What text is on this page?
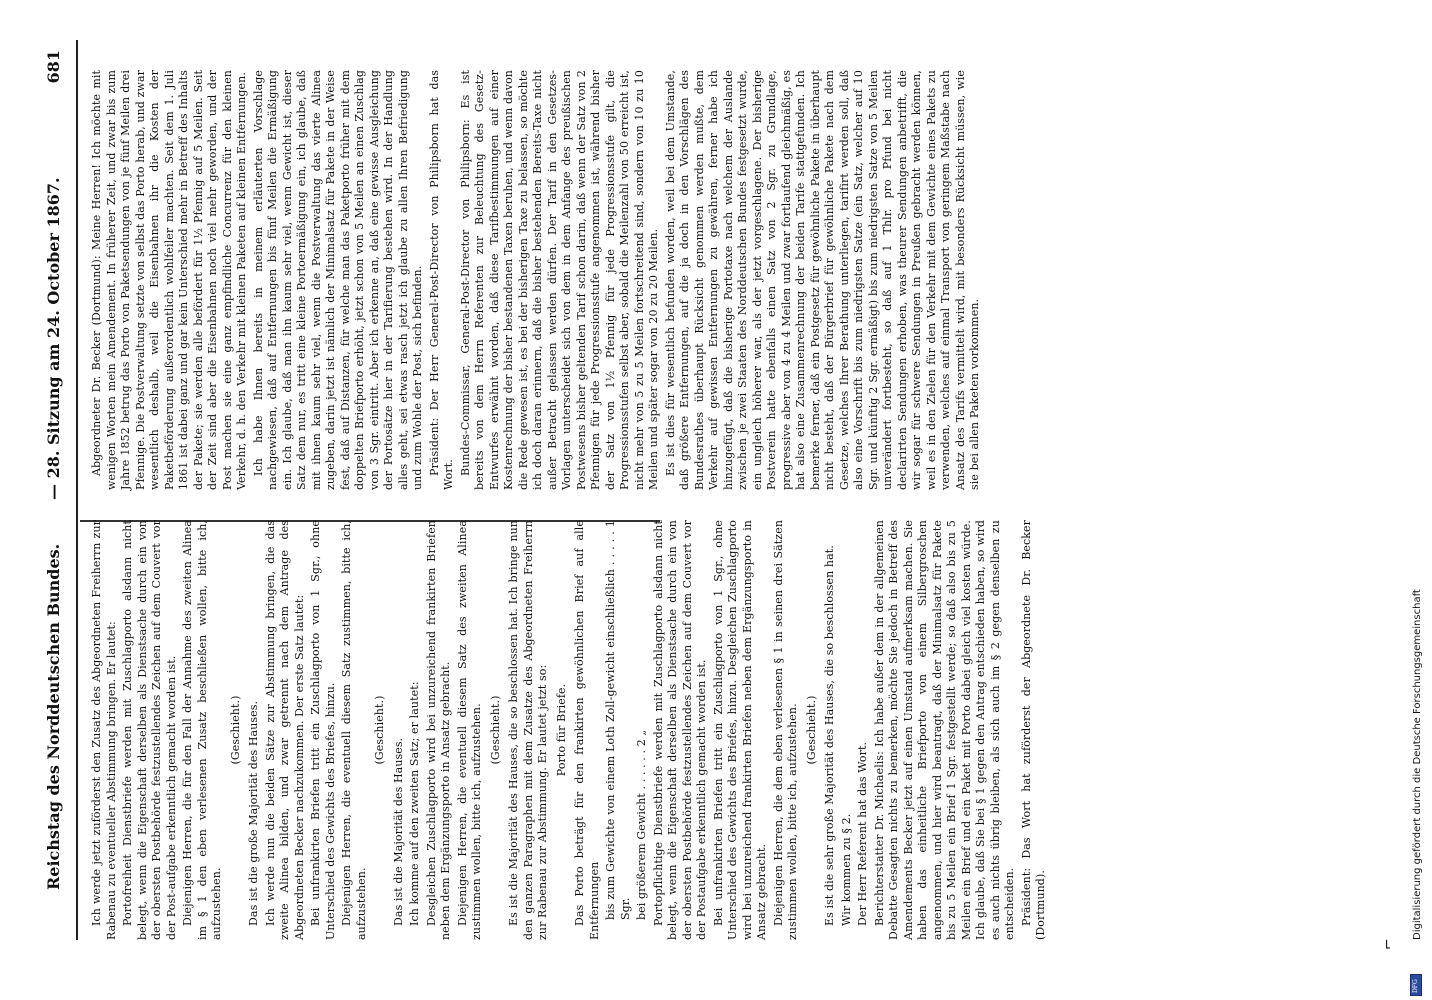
Reichstag des Norddeutschen Bundes.
— 28. Sitzung am 24. October 1867.
681

Ich werde jetzt zuförderst den Zusatz des Abgeordneten Freiherrn zur Rabenau zu eventueller Abstimmung bringen. Er lautet: Portofreiheit Dienstbriefe werden mit Zuschlagporto alsdann nicht belegt, wenn die Eigenschaft derselben als Dienstsache durch ein von der obersten Postbehörde festzustellendes Zeichen auf dem Couvert vor der Post-aufgabe erkenntlich gemacht worden ist. Diejenigen Herren, die für den Fall der Annahme des zweiten Alinea im § 1 den eben verlesenen Zusatz beschließen wollen, bitte ich, aufzustehen.

(Geschieht.) Das ist die große Majorität des Hauses. Ich werde nun die beiden Sätze zur Abstimmung bringen, die das zweite Alinea bilden, und zwar getrennt nach dem Antrage des Abgeordneten Becker nachzukommen. Der erste Satz lautet: Bei unfrankirten Briefen tritt ein Zuschlagporto von 1 Sgr., ohne Unterschied des Gewichts des Briefes, hinzu. Diejenigen Herren, die eventuell diesem Satz zustimmen, bitte ich, aufzustehen.

(Geschieht.)

Das ist die Majorität des Hauses. Ich komme auf den zweiten Satz; er lautet: Desgleichen Zuschlagporto wird bei unzureichend frankirten Briefen neben dem Ergänzungsporto in Ansatz gebracht. Diejenigen Herren, die eventuell diesem Satz des zweiten Alinea zustimmen wollen, bitte ich, aufzustehen. (Geschieht.) Es ist die Majorität des Hauses, die so beschlossen hat. Ich bringe nun den ganzen Paragraphen mit dem Zusatze des Abgeordneten Freiherrn zur Rabenau zur Abstimmung. Er lautet jetzt so: Porto für Briefe. Das Porto beträgt für den frankirten gewöhnlichen Brief auf alle Entfernungen bis zum Gewichte von einem Loth Zoll-gewicht einschließlich . . . . . 1 Sgr. bei größerem Gewicht . . . . . . 2 „ Portopflichtige Dienstbriefe werden mit Zuschlagporto alsdann nicht belegt, wenn die Eigenschaft derselben als Dienstsache durch ein von der obersten Postbehörde festzustellendes Zeichen auf dem Couvert vor der Postaufgabe erkenntlich gemacht worden ist. Bei unfrankirten Briefen tritt ein Zuschlagporto von 1 Sgr., ohne Unterschied des Gewichts des Briefes, hinzu. Desgleichen Zuschlagporto wird bei unzureichend frankirten Briefen neben dem Ergänzungsporto in Ansatz gebracht. Diejenigen Herren, die dem eben verlesenen § 1 in seinen drei Sätzen zustimmen wollen, bitte ich, aufzustehen. (Geschieht.) Es ist die sehr große Majorität des Hauses, die so beschlossen hat. Wir kommen zu § 2. Der Herr Referent hat das Wort. Berichterstatter Dr. Michaelis: Ich habe außer dem in der allgemeinen Debatte Gesagten nichts zu bemerken, möchte Sie jedoch in Betreff des Amendements Becker jetzt auf einen Umstand aufmerksam machen. Sie haben das einheitliche Briefporto von einem Silbergroschen angenommen, und hier wird beantragt, daß der Minimalsatz für Pakete bis zu 5 Meilen ein Brief 1 Sgr. festgestellt werde; so daß also bis zu 5 Meilen ein Brief und ein Paket mit Porto dabei gleich viel kosten würde. Ich glaube, daß Sie bei § 1 gegen den Antrag entschieden haben, so wird es auch nichts übrig bleiben, als sich auch im § 2 gegen denselben zu entscheiden. Präsident: Das Wort hat zuförderst der Abgeordnete Dr. Becker (Dortmund).

Abgeordneter Dr. Becker (Dortmund): Meine Herren! Ich möchte mit wenigen Worten mein Amendement. In früherer Zeit, und zwar bis zum Jahre 1852 betrug das Porto von Paketsendungen von je fünf Meilen drei Pfennige. Die Postverwaltung setzte von selbst das Porto herab, und zwar wesentlich deshalb, weil die Eisenbahnen ihr die Kosten der Paketbeförderung außerordentlich wohlfeiler machten. Seit dem 1. Juli 1861 ist dabei ganz und gar kein Unterschied mehr in Betreff des Inhalts der Pakete; sie werden alle befördert für 1½ Pfennig auf 5 Meilen. Seit der Zeit sind aber die Eisenbahnen noch viel mehr geworden, und der Post machen sie eine ganz empfindliche Concurrenz für den kleinen Verkehr, d. h. den Verkehr mit kleinen Paketen auf kleinen Entfernungen. Ich habe Ihnen bereits in meinem erläuterten Vorschlage nachgewiesen, daß auf Entfernungen bis fünf Meilen die Ermäßigung ein. Ich glaube, daß man ihn kaum sehr viel, wenn Gewicht ist, dieser Satz dem nur, es tritt eine kleine Portoermäßigung ein, ich glaube, daß mit ihnen kaum sehr viel, wenn die Postverwaltung das vierte Alinea zugeben, darin jetzt ist nämlich der Minimalsatz für Pakete in der Weise fest, daß auf Distanzen, für welche man das Paketporto früher mit dem doppelten Briefporto erhöht, jetzt schon von 5 Meilen an einen Zuschlag von 3 Sgr. eintritt. Aber ich erkenne an, daß eine gewisse Ausgleichung der Portosätze hier in der Tarifierung bestehen wird. In der Handlung alles geht, sei etwas rasch jetzt ich glaube zu allen Ihren Befriedigung und zum Wohle der Post, sich befinden. Präsident: Der Herr General-Post-Director von Philipsborn hat das Wort. Bundes-Commissar, General-Post-Director von Philipsborn: Es ist bereits von dem Herrn Referenten zur Beleuchtung des Gesetz-Entwurfes erwähnt worden, daß diese Tarifbestimmungen auf einer Kostenrechnung der bisher bestandenen Taxen beruhen, und wenn davon die Rede gewesen ist, es bei der bisherigen Taxe zu belassen, so möchte ich doch daran erinnern, daß die bisher bestehenden Bereits-Taxe nicht außer Betracht gelassen werden dürfen. Der Tarif in den Gesetzes-Vorlagen unterscheidet sich von dem in dem Anfange des preußischen Postwesens bisher geltenden Tarif schon darin, daß wenn der Satz von 2 Pfennigen für jede Progressionsstufe angenommen ist, während bisher der Satz von 1½ Pfennig für jede Progressionsstufe gilt, die Progressionsstufen selbst aber, sobald die Meilenzahl von 50 erreicht ist, nicht mehr von 5 zu 5 Meilen fortschreitend sind, sondern von 10 zu 10 Meilen und später sogar von 20 zu 20 Meilen. Es ist dies für wesentlich befunden worden, weil bei dem Umstande, daß größere Entfernungen, auf die ja doch in den Vorschlägen des Bundesrathes überhaupt Rücksicht genommen werden mußte, dem Verkehr auf gewissen Entfernungen zu gewähren, ferner habe ich hinzugefügt, daß die bisherige Portotaxe nach welchem der Auslande zwischen je zwei Staaten des Norddeutschen Bundes festgesetzt wurde, ein ungleich höherer war, als der jetzt vorgeschlagene. Der bisherige Postverein hatte ebenfalls einen Satz von 2 Sgr. zu Grundlage, progressive aber von 4 zu 4 Meilen und zwar fortlaufend gleichmäßig, es hat also eine Zusammenrechnung der beiden Tarife stattgefunden. Ich bemerke ferner, daß ein Postgesetz für gewöhnliche Pakete in überhaupt nicht besteht, daß der Bürgerbrief für gewöhnliche Pakete nach dem Gesetze, welches Ihrer Berathung unterliegen, tarifirt werden soll, daß also eine Vorschrift bis zum niedrigsten Satze (ein Satz, welcher auf 10 Sgr. und künftig 2 Sgr. ermäßigt) bis zum niedrigsten Satze von 5 Meilen unverändert fortbesteht, so daß auf 1 Thlr. pro Pfund bei nicht declarirten Sendungen erhoben, was theurer Sendungen anbetrifft, die wir sogar für schwere Sendungen in Preußen gebracht werden können, weil es in den Zielen für den Verkehr mit dem Gewichte eines Pakets zu verwenden, welches auf einmal Transport von geringem Maßstabe nach Ansatz des Tarifs vermittelt wird, mit besonders Rücksicht müssen, wie sie bei allen Paketen vorkommen.

⌐
Digitalisierung gefördert durch die Deutsche Forschungsgemeinschaft
DFG
